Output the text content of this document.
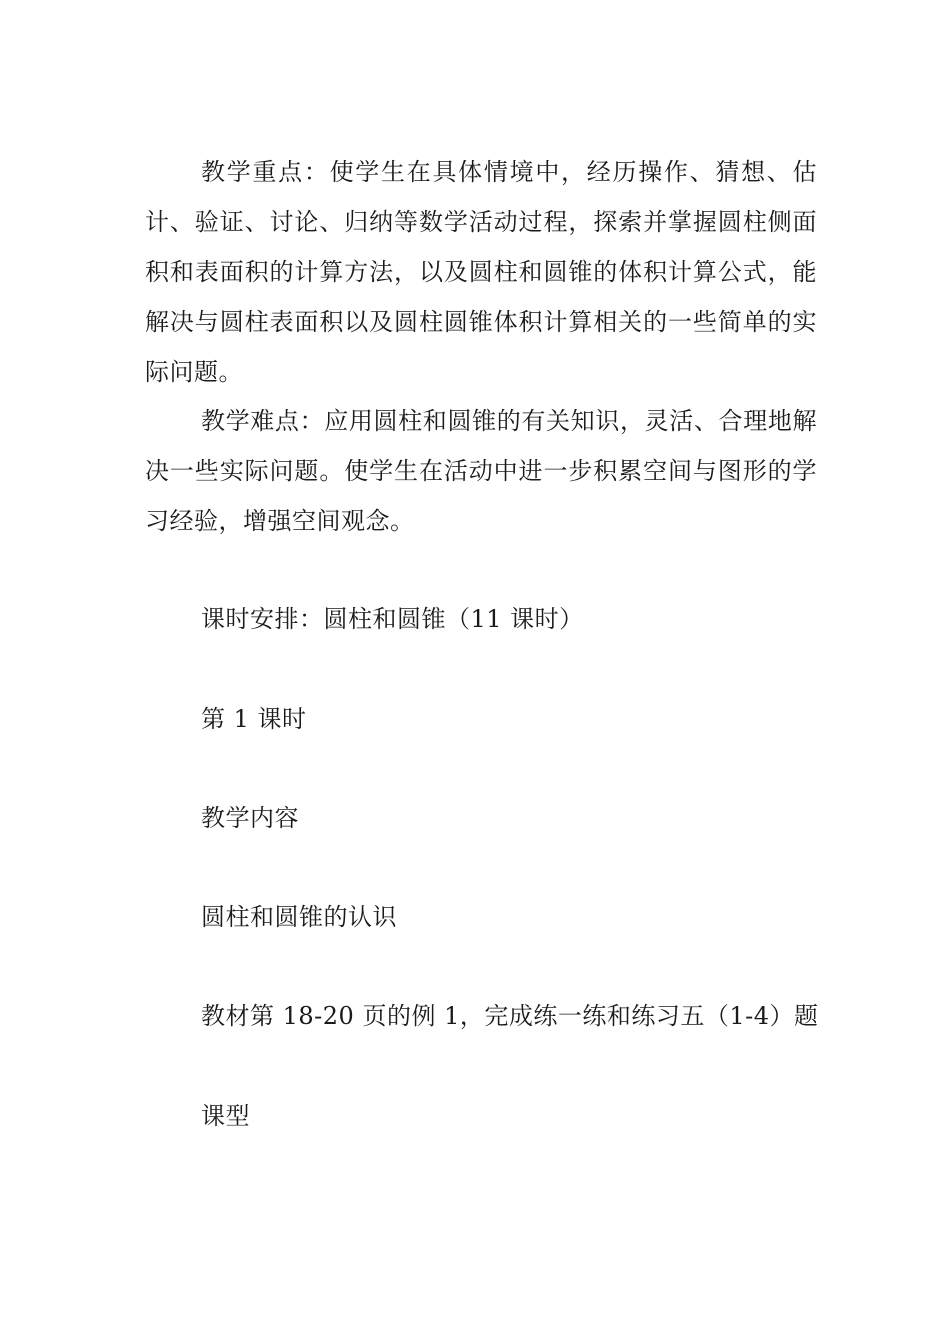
教学重点：使学生在具体情境中，经历操作、猜想、估计、验证、讨论、归纳等数学活动过程，探索并掌握圆柱侧面积和表面积的计算方法，以及圆柱和圆锥的体积计算公式，能解决与圆柱表面积以及圆柱圆锥体积计算相关的一些简单的实际问题。

教学难点：应用圆柱和圆锥的有关知识，灵活、合理地解决一些实际问题。使学生在活动中进一步积累空间与图形的学习经验，增强空间观念。

课时安排：圆柱和圆锥（11 课时）

第 1 课时

教学内容

圆柱和圆锥的认识

教材第 18-20 页的例 1，完成练一练和练习五（1-4）题

课型
